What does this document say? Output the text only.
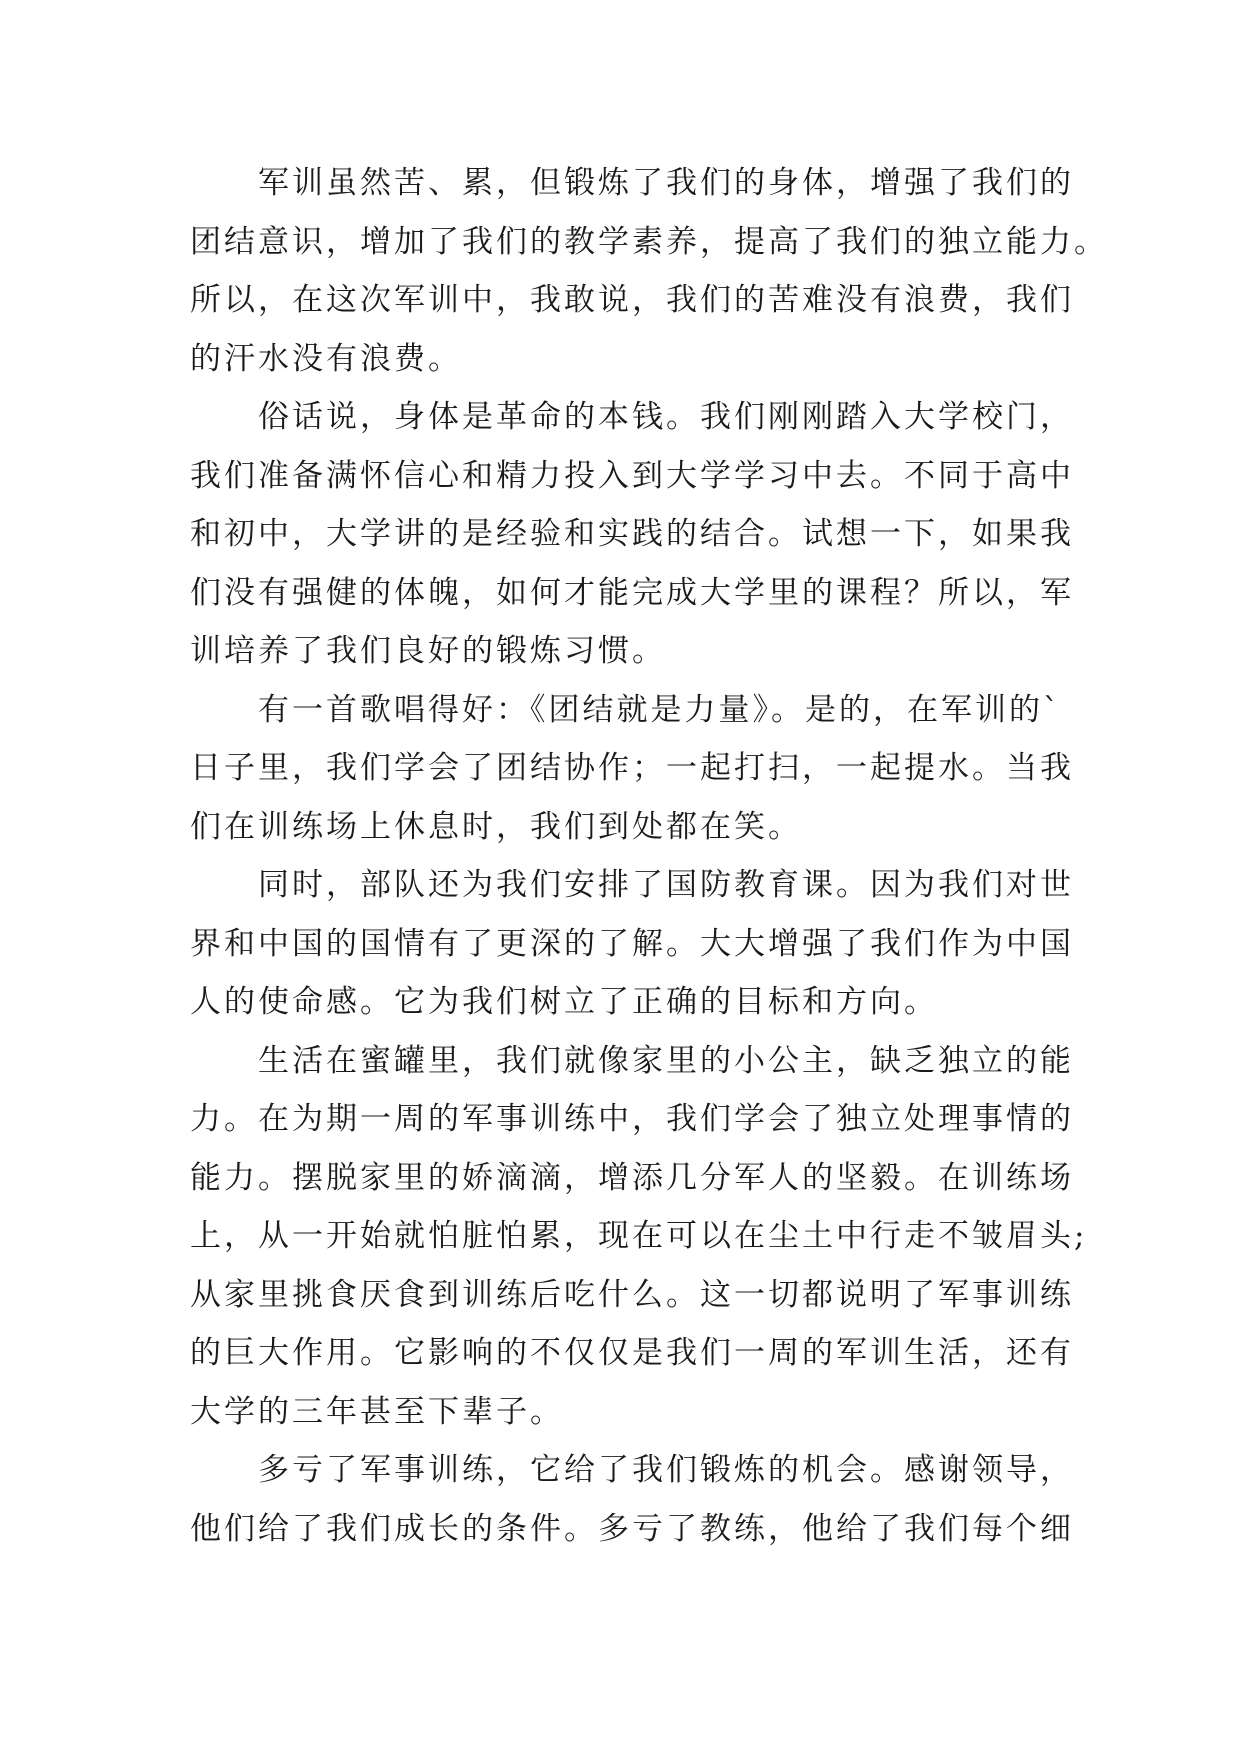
军训虽然苦、累，但锻炼了我们的身体，增强了我们的
团结意识，增加了我们的教学素养，提高了我们的独立能力。
所以，在这次军训中，我敢说，我们的苦难没有浪费，我们
的汗水没有浪费。
俗话说，身体是革命的本钱。我们刚刚踏入大学校门，
我们准备满怀信心和精力投入到大学学习中去。不同于高中
和初中，大学讲的是经验和实践的结合。试想一下，如果我
们没有强健的体魄，如何才能完成大学里的课程？所以，军
训培养了我们良好的锻炼习惯。
有一首歌唱得好：《团结就是力量》。是的，在军训的`
日子里，我们学会了团结协作；一起打扫，一起提水。当我
们在训练场上休息时，我们到处都在笑。
同时，部队还为我们安排了国防教育课。因为我们对世
界和中国的国情有了更深的了解。大大增强了我们作为中国
人的使命感。它为我们树立了正确的目标和方向。
生活在蜜罐里，我们就像家里的小公主，缺乏独立的能
力。在为期一周的军事训练中，我们学会了独立处理事情的
能力。摆脱家里的娇滴滴，增添几分军人的坚毅。在训练场
上，从一开始就怕脏怕累，现在可以在尘土中行走不皱眉头;
从家里挑食厌食到训练后吃什么。这一切都说明了军事训练
的巨大作用。它影响的不仅仅是我们一周的军训生活，还有
大学的三年甚至下辈子。
多亏了军事训练，它给了我们锻炼的机会。感谢领导，
他们给了我们成长的条件。多亏了教练，他给了我们每个细
